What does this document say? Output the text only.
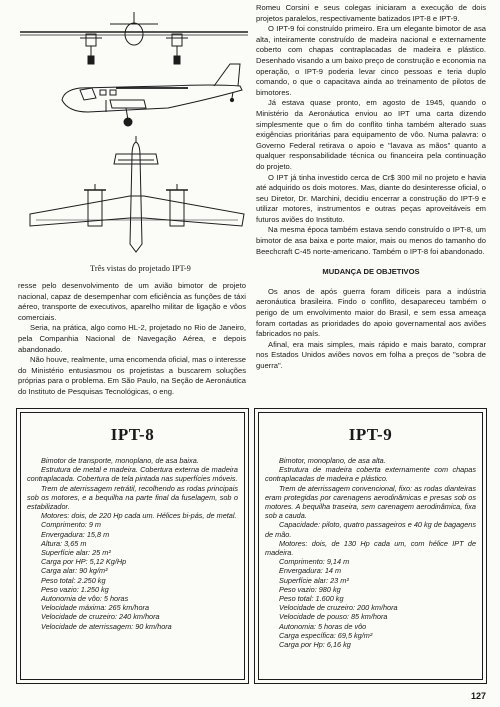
Três vistas do projetado IPT-9

resse pelo desenvolvimento de um avião bimotor de projeto nacional, capaz de desempenhar com eficiência as funções de táxi aéreo, transporte de executivos, aparelho militar de ligação e vôos comerciais.

Seria, na prática, algo como HL-2, projetado no Rio de Janeiro, pela Companhia Nacional de Navegação Aérea, e depois abandonado.

Não houve, realmente, uma encomenda oficial, mas o interesse do Ministério entusiasmou os projetistas a buscarem soluções próprias para o problema. Em São Paulo, na Seção de Aeronáutica do Instituto de Pesquisas Tecnológicas, o eng.

Romeu Corsini e seus colegas iniciaram a execução de dois projetos paralelos, respectivamente batizados IPT-8 e IPT-9.

O IPT-9 foi construído primeiro. Era um elegante bimotor de asa alta, inteiramente construído de madeira nacional e externamente coberto com chapas contraplacadas de madeira e plástico. Desenhado visando a um baixo preço de construção e economia na operação, o IPT-9 poderia levar cinco pessoas e teria duplo comando, o que o capacitava ainda ao treinamento de pilotos de bimotores.

Já estava quase pronto, em agosto de 1945, quando o Ministério da Aeronáutica enviou ao IPT uma carta dizendo simplesmente que o fim do conflito tinha também alterado suas exigências prioritárias para equipamento de vôo. Numa palavra: o Governo Federal retirava o apoio e "lavava as mãos" quanto a qualquer responsabilidade técnica ou financeira pela continuação do projeto.

O IPT já tinha investido cerca de Cr$ 300 mil no projeto e havia até adquirido os dois motores. Mas, diante do desinteresse oficial, o seu Diretor, Dr. Marchini, decidiu encerrar a construção do IPT-9 e utilizar motores, instrumentos e outras peças aproveitáveis em futuros aviões do Instituto.

Na mesma época também estava sendo construído o IPT-8, um bimotor de asa baixa e porte maior, mais ou menos do tamanho do Beechcraft C-45 norte-americano. Também o IPT-8 foi abandonado.

MUDANÇA DE OBJETIVOS

Os anos de após guerra foram difíceis para a indústria aeronáutica brasileira. Findo o conflito, desapareceu também o perigo de um envolvimento maior do Brasil, e sem essa ameaça foram cortadas as prioridades do apoio governamental aos aviões fabricados no país.

Afinal, era mais simples, mais rápido e mais barato, comprar nos Estados Unidos aviões novos em folha a preços de "sobra de guerra".

IPT-8
Bimotor de transporte, monoplano, de asa baixa.
Estrutura de metal e madeira. Cobertura externa de madeira contraplacada. Cobertura de tela pintada nas superfícies móveis.
Trem de aterrissagem retrátil, recolhendo as rodas principais sob os motores, e a bequilha na parte final da fuselagem, sob o estabilizador.
Motores: dois, de 220 Hp cada um. Hélices bi-pás, de metal.
Comprimento: 9 m
Envergadura: 15,8 m
Altura: 3,65 m
Superfície alar: 25 m²
Carga por HP: 5,12 Kg/Hp
Carga alar: 90 kg/m²
Peso total: 2.250 kg
Peso vazio: 1.250 kg
Autonomia de vôo: 5 horas
Velocidade máxima: 265 km/hora
Velocidade de cruzeiro: 240 km/hora
Velocidade de aterrissagem: 90 km/hora
IPT-9
Bimotor, monoplano, de asa alta.
Estrutura de madeira coberta externamente com chapas contraplacadas de madeira e plástico.
Trem de aterrissagem convencional, fixo: as rodas dianteiras eram protegidas por carenagens aerodinâmicas e presas sob os motores. A bequilha traseira, sem carenagem aerodinâmica, fixa sob a cauda.
Capacidade: piloto, quatro passageiros e 40 kg de bagagens de mão.
Motores: dois, de 130 Hp cada um, com hélice IPT de madeira.
Comprimento: 9,14 m
Envergadura: 14 m
Superfície alar: 23 m²
Peso vazio: 980 kg
Peso total: 1.600 kg
Velocidade de cruzeiro: 200 km/hora
Velocidade de pouso: 85 km/hora
Autonomia: 5 horas de vôo
Carga específica: 69,5 kg/m²
Carga por Hp: 6,16 kg
127
